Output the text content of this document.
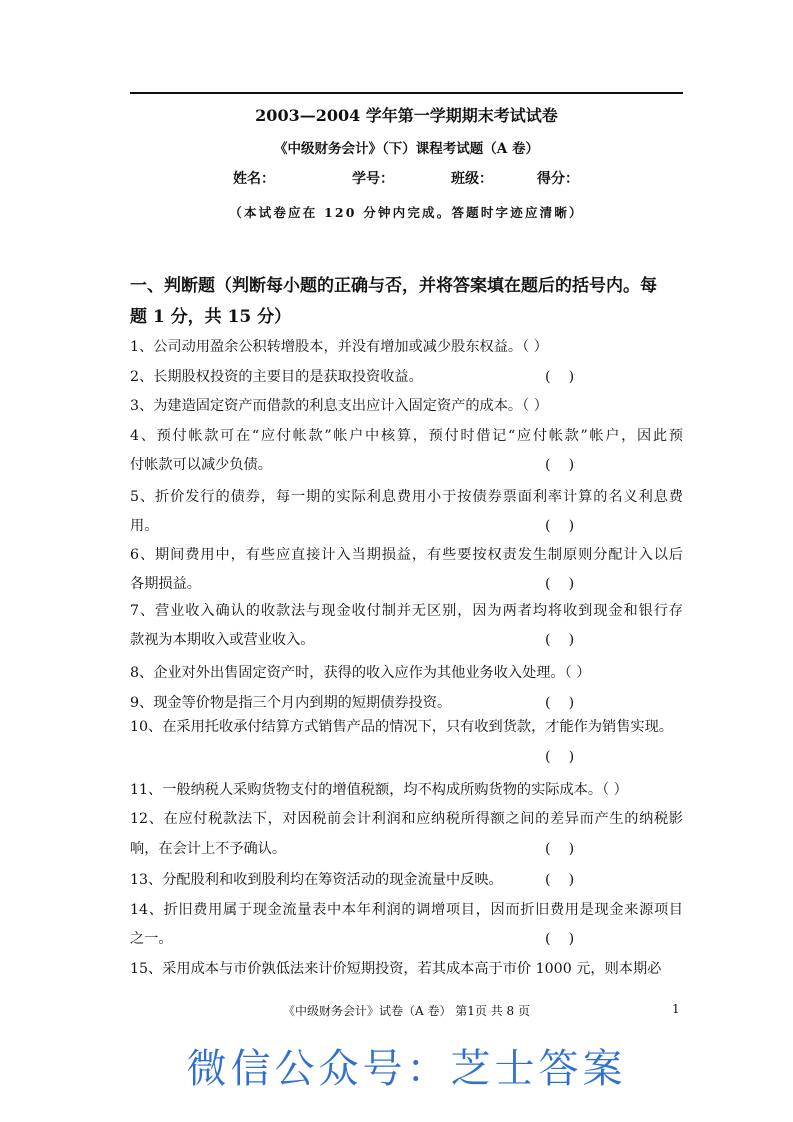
2003—2004 学年第一学期期末考试试卷
《中级财务会计》（下）课程考试题（A 卷）
姓名：	学号：	班级：	得分：
（本试卷应在 120 分钟内完成。答题时字迹应清晰）
一、判断题（判断每小题的正确与否，并将答案填在题后的括号内。每
题 1 分，共 15 分）
1、公司动用盈余公积转增股本，并没有增加或减少股东权益。（ ）
2、长期股权投资的主要目的是获取投资收益。	(    )
3、为建造固定资产而借款的利息支出应计入固定资产的成本。（ ）
4、预付帐款可在“应付帐款”帐户中核算，预付时借记“应付帐款”帐户，因此预
付帐款可以减少负债。	(    )
5、折价发行的债券，每一期的实际利息费用小于按债券票面利率计算的名义利息费
用。	(    )
6、期间费用中，有些应直接计入当期损益，有些要按权责发生制原则分配计入以后
各期损益。	(    )
7、营业收入确认的收款法与现金收付制并无区别，因为两者均将收到现金和银行存
款视为本期收入或营业收入。	(    )
8、企业对外出售固定资产时，获得的收入应作为其他业务收入处理。（ ）
9、现金等价物是指三个月内到期的短期债券投资。	(    )
10、在采用托收承付结算方式销售产品的情况下，只有收到货款，才能作为销售实现。
(    )
11、一般纳税人采购货物支付的增值税额，均不构成所购货物的实际成本。（ ）
12、在应付税款法下，对因税前会计利润和应纳税所得额之间的差异而产生的纳税影
响，在会计上不予确认。	(    )
13、分配股利和收到股利均在筹资活动的现金流量中反映。	(    )
14、折旧费用属于现金流量表中本年利润的调增项目，因而折旧费用是现金来源项目
之一。	(    )
15、采用成本与市价孰低法来计价短期投资，若其成本高于市价 1000 元，则本期必
《中级财务会计》试卷（A 卷） 第1页 共 8 页	1
微信公众号：芝士答案
